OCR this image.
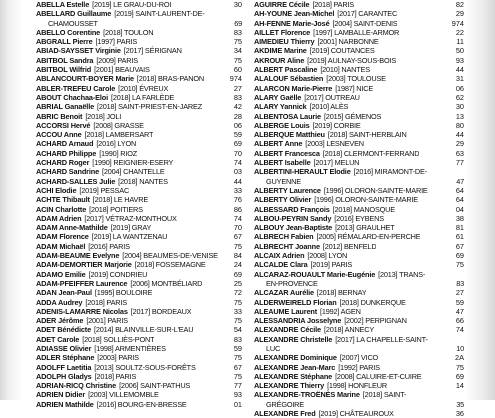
ABELLA Estelle [2019] LE GRAU-DU-ROI	30
ABELLARD Guillaume [2019] SAINT-LAURENT-DE-
CHAMOUSSET	69
ABELLO Corentine [2018] TOULON	83
ABGRALL Pierre [1997] PARIS	75
ABIAD-SAYSSET Virginie [2017] SÉRIGNAN	34
ABITBOL Sandra [2009] PARIS	75
ABITBOL Wilfrid [2001] BEAUVAIS	60
ABLANCOURT-BOYER Marie [2018] BRAS-PANON	974
ABLER-TREFEU Carole [2010] ÉVREUX	27
ABOUT Chachaa-Eloi [2018] LA FARLÈDE	83
ABRIAL Ganaëlle [2018] SAINT-PRIEST-EN-JAREZ	42
ABRIC Benoit [2018] JOLI	28
ACCORSI Hervé [2008] GRASSE	06
ACCOU Anne [2018] LAMBERSART	59
ACHARD Arnaud [2016] LYON	69
ACHARD Philippe [1990] RIOZ	70
ACHARD Roger [1990] REIGNIER-ESERY	74
ACHARD Sandrine [2004] CHANTELLE	03
ACHARD-SALLES Julie [2018] NANTES	44
ACHI Elodie [2019] PESSAC	33
ACHTE Thibault [2018] LE HAVRE	76
ACIN Charlotte [2018] POITIERS	86
ADAM Adrien [2017] VÉTRAZ-MONTHOUX	74
ADAM Anne-Mathilde [2019] GRAY	70
ADAM Florence [2019] LA WANTZENAU	67
ADAM Michaël [2016] PARIS	75
ADAM-BEAUME Evelyne [2004] BEAUMES-DE-VENISE	84
ADAM-DEMORTIER Marjorie [2018] FOSSEMAGNE	24
ADAMO Emilie [2019] CONDRIEU	69
ADAM-PFEIFFER Laurence [2006] MONTBÉLIARD	25
ADAN Jean-Paul [1995] BOULOIRE	72
ADDA Audrey [2018] PARIS	75
ADENIS-LAMARRE Nicolas [2017] BORDEAUX	33
ADER Jérôme [2001] PARIS	75
ADET Bénédicte [2014] BLAINVILLE-SUR-L'EAU	54
ADET Carole [2018] SOLLIÈS-PONT	83
ADIASSE Olivier [1998] ARMENTIÈRES	59
ADLER Stéphane [2003] PARIS	75
ADOLFF Laetitia [2013] SOULTZ-SOUS-FORÊTS	67
ADOLPH Gladys [2018] PARIS	75
ADRIAN-RICQ Christine [2006] SAINT-PATHUS	77
ADRIEN Didier [2003] VILLEMOMBLE	93
ADRIEN Mathilde [2016] BOURG-EN-BRESSE	01
AGUIRRE Cécile [2018] PARIS	82
AH-YOUNE Jean-Michel [2017] CARANTEC	29
AH-FENNE Marie-José [2004] SAINT-DENIS	974
AILLET Florence [1997] LAMBALLE-ARMOR	22
AIMEDIEU Thierry [2001] NARBONNE	11
AKDIME Marine [2019] COUTANCES	50
AKROUR Aline [2019] AULNAY-SOUS-BOIS	93
ALBERT Pascaline [2010] NANTES	44
ALALOUF Sébastien [2003] TOULOUSE	31
ALARCON Marie-Pierre [1987] NICE	06
ALARY Gaëlle [2017] OUTREAU	62
ALARY Yannick [2010] ALÈS	30
ALBENTOSA Laurie [2015] GÉMENOS	13
ALBERGE Louis [2019] CORBIE	80
ALBERQUE Matthieu [2018] SAINT-HERBLAIN	44
ALBERT Anne [2003] LESNEVEN	29
ALBERT Francesca [2018] CLERMONT-FERRAND	63
ALBERT Isabelle [2017] MELUN	77
ALBERTINI-HERAULT Elodie [2016] MIRAMONT-DE-
GUYENNE	47
ALBERTY Laurence [1996] OLORON-SAINTE-MARIE	64
ALBERTY Olivier [1996] OLORON-SAINTE-MARIE	64
ALBESSARD François [2018] MANOSQUE	04
ALBOU-PEYRIN Sandy [2016] EYBENS	38
ALBOUY Jean-Baptiste [2013] GRAULHET	81
ALBRECH Fabien [2005] RÉMALARD-EN-PERCHE	61
ALBRECHT Joanne [2012] BENFELD	67
ALCAIX Adrien [2008] LYON	69
ALCALDE Clara [2019] PARIS	75
ALCARAZ-ROUAULT Marie-Eugénie [2013] TRANS-
EN-PROVENCE	83
ALCAZAR Aurélie [2018] BERNAY	27
ALDERWEIRELD Florian [2018] DUNKERQUE	59
ALEAUME Laurent [1992] AGEN	47
ALESSANDRIA Josselyne [2002] PERPIGNAN	66
ALEXANDRE Cécile [2018] ANNECY	74
ALEXANDRE Christelle [2017] LA CHAPELLE-SAINT-
LUC	10
ALEXANDRE Dominique [2007] VICO	2A
ALEXANDRE Jean-Marc [1992] PARIS	75
ALEXANDRE Stéphane [2008] CALUIRE-ET-CUIRE	69
ALEXANDRE Thierry [1998] HONFLEUR	14
ALEXANDRE-TROËNÈS Marine [2018] SAINT-
GRÉGOIRE	35
ALEXANDRE Fred [2019] CHÂTEAUROUX	36
